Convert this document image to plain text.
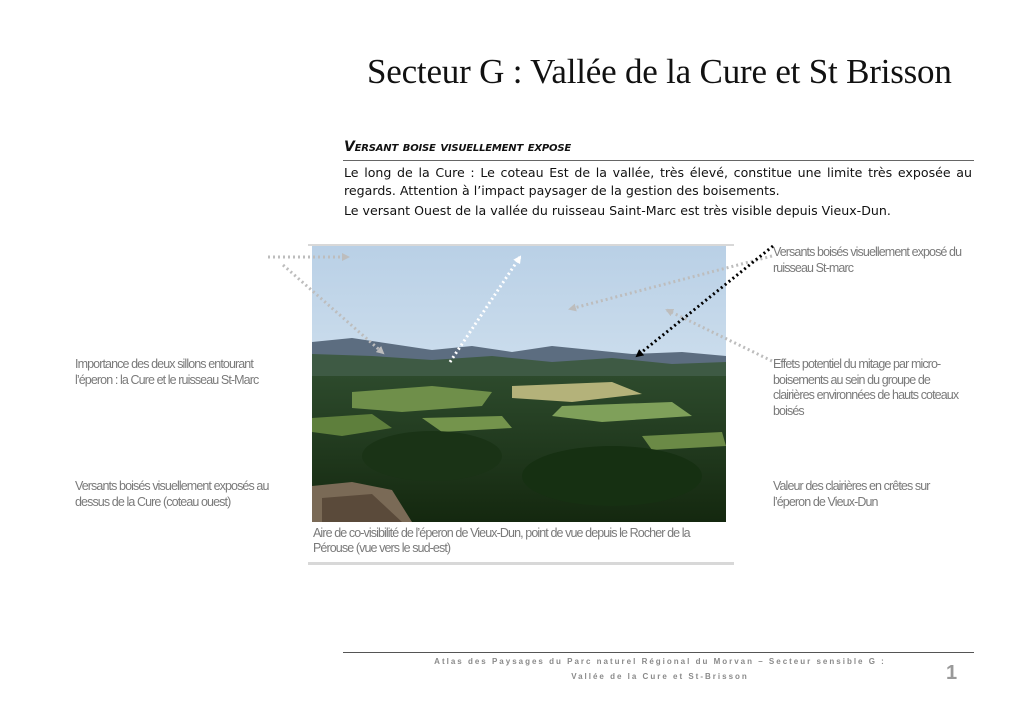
Secteur G : Vallée de la Cure et St Brisson
Versant boise visuellement expose

Le long de la Cure : Le coteau Est de la vallée, très élevé, constitue une limite très exposée au regards. Attention à l’impact paysager de la gestion des boisements.

Le versant Ouest de la vallée du ruisseau Saint-Marc est très visible depuis Vieux-Dun.

Aire de co-visibilité de l’éperon de Vieux-Dun, point de vue depuis le Rocher de la Pérouse (vue vers le sud-est)
Importance des deux sillons entourant l’éperon : la Cure et le ruisseau St-Marc
Versants boisés visuellement exposés au dessus de la Cure (coteau ouest)
Versants boisés visuellement exposé du ruisseau St-marc
Effets potentiel du mitage par micro-boisements au sein du groupe de clairières environnées de hauts coteaux boisés
Valeur des clairières en crêtes sur l’éperon de Vieux-Dun
Atlas des Paysages du Parc naturel Régional du Morvan – Secteur sensible G :
Vallée de la Cure et St-Brisson	1
